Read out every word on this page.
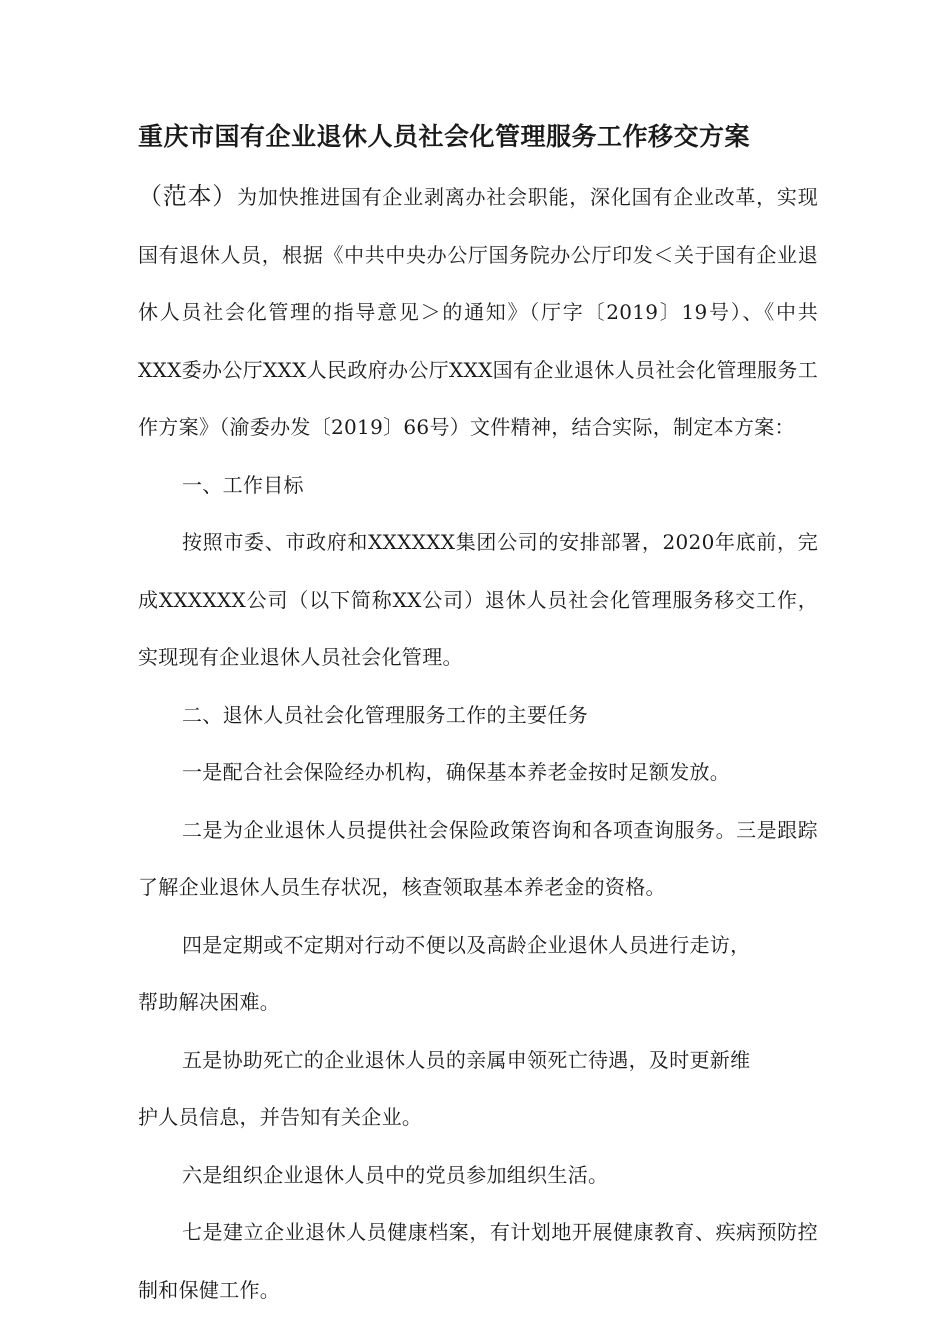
重庆市国有企业退休人员社会化管理服务工作移交方案

（范本）为加快推进国有企业剥离办社会职能，深化国有企业改革，实现国有退休人员，根据《中共中央办公厅国务院办公厅印发＜关于国有企业退休人员社会化管理的指导意见＞的通知》（厅字〔2019〕19号）、《中共XXX委办公厅XXX人民政府办公厅XXX国有企业退休人员社会化管理服务工作方案》（渝委办发〔2019〕66号）文件精神，结合实际，制定本方案：

一、工作目标

按照市委、市政府和XXXXXX集团公司的安排部署，2020年底前，完成XXXXXX公司（以下简称XX公司）退休人员社会化管理服务移交工作，实现现有企业退休人员社会化管理。

二、退休人员社会化管理服务工作的主要任务

一是配合社会保险经办机构，确保基本养老金按时足额发放。

二是为企业退休人员提供社会保险政策咨询和各项查询服务。三是跟踪了解企业退休人员生存状况，核查领取基本养老金的资格。

四是定期或不定期对行动不便以及高龄企业退休人员进行走访，

帮助解决困难。

五是协助死亡的企业退休人员的亲属申领死亡待遇，及时更新维

护人员信息，并告知有关企业。

六是组织企业退休人员中的党员参加组织生活。

七是建立企业退休人员健康档案，有计划地开展健康教育、疾病预防控制和保健工作。
